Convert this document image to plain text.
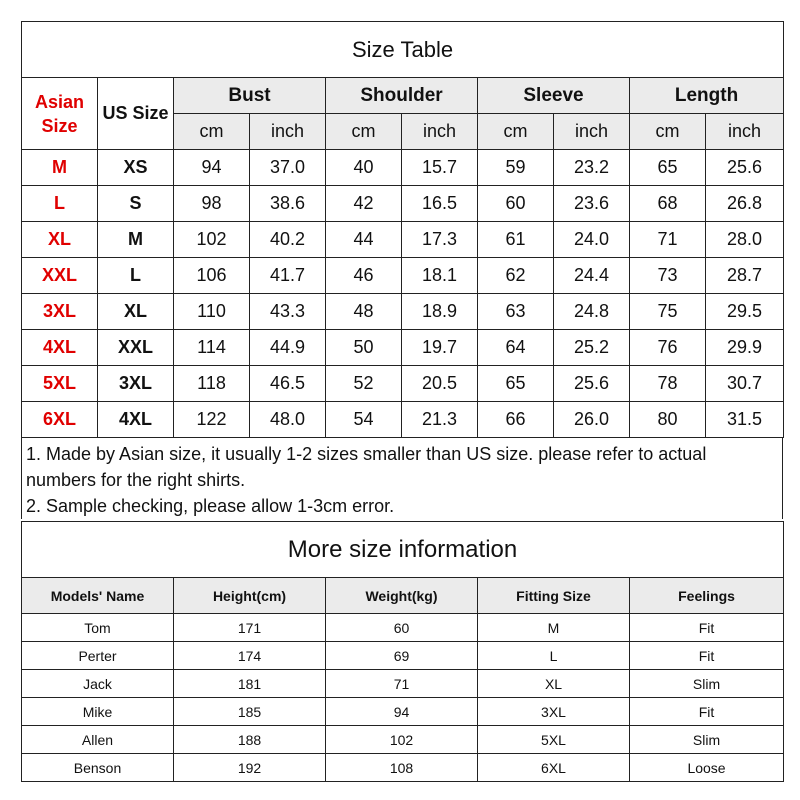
Size Table									
Asian Size	US Size	Bust		Shoulder		Sleeve		Length	
		cm	inch	cm	inch	cm	inch	cm	inch
M	XS	94	37.0	40	15.7	59	23.2	65	25.6
L	S	98	38.6	42	16.5	60	23.6	68	26.8
XL	M	102	40.2	44	17.3	61	24.0	71	28.0
XXL	L	106	41.7	46	18.1	62	24.4	73	28.7
3XL	XL	110	43.3	48	18.9	63	24.8	75	29.5
4XL	XXL	114	44.9	50	19.7	64	25.2	76	29.9
5XL	3XL	118	46.5	52	20.5	65	25.6	78	30.7
6XL	4XL	122	48.0	54	21.3	66	26.0	80	31.5

1. Made by Asian size, it usually 1-2 sizes smaller than US size. please refer to actual numbers for the right shirts.

2. Sample checking, please allow 1-3cm error.

More size information				
Models' Name	Height(cm)	Weight(kg)	Fitting Size	Feelings
Tom	171	60	M	Fit
Perter	174	69	L	Fit
Jack	181	71	XL	Slim
Mike	185	94	3XL	Fit
Allen	188	102	5XL	Slim
Benson	192	108	6XL	Loose
